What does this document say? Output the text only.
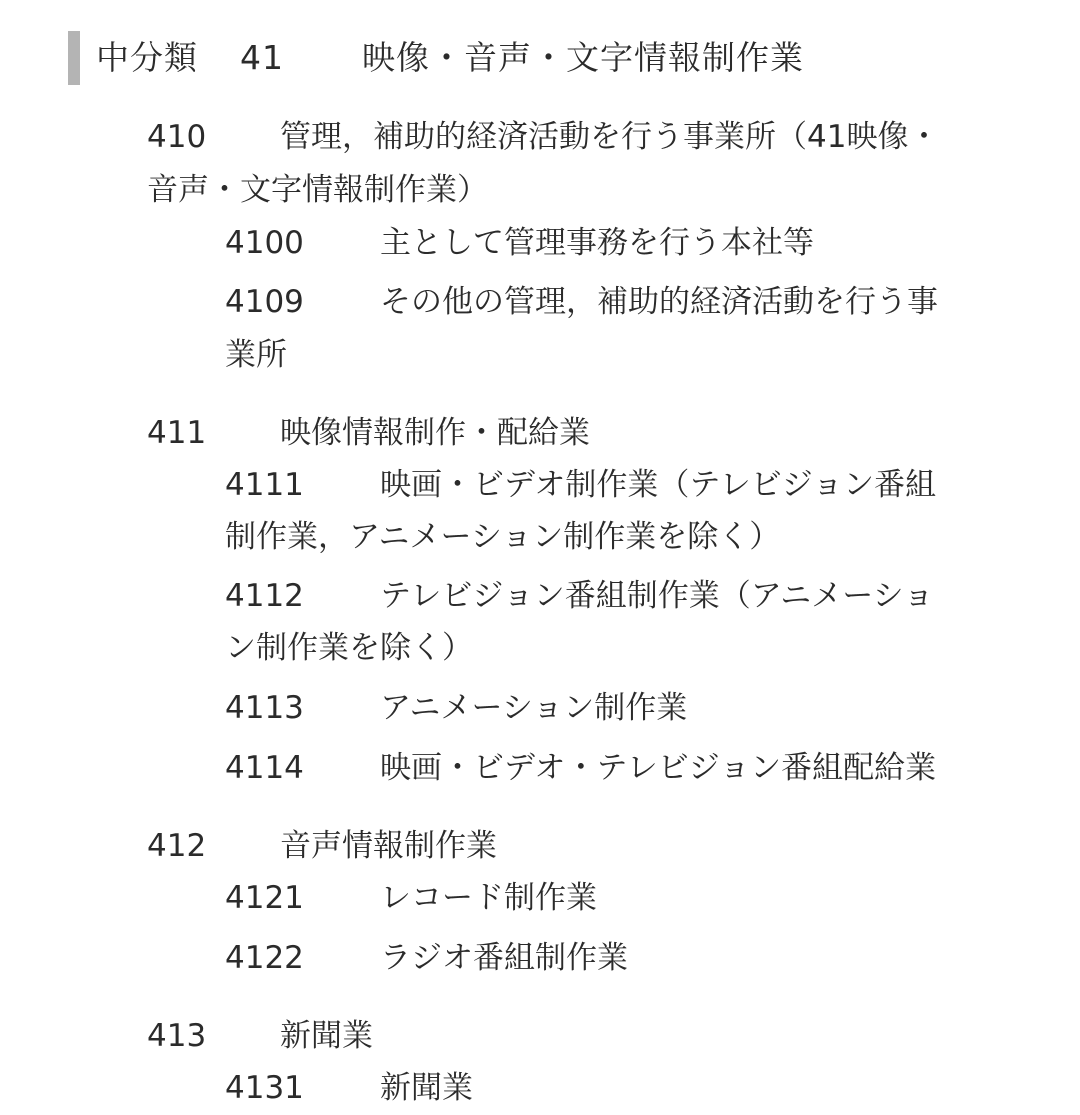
中分類 41 映像・音声・文字情報制作業
410 管理，補助的経済活動を行う事業所（41映像・
音声・文字情報制作業）
4100 主として管理事務を行う本社等
4109 その他の管理，補助的経済活動を行う事
業所
411 映像情報制作・配給業
4111 映画・ビデオ制作業（テレビジョン番組
制作業，アニメーション制作業を除く）
4112 テレビジョン番組制作業（アニメーショ
ン制作業を除く）
4113 アニメーション制作業
4114 映画・ビデオ・テレビジョン番組配給業
412 音声情報制作業
4121 レコード制作業
4122 ラジオ番組制作業
413 新聞業
4131 新聞業
